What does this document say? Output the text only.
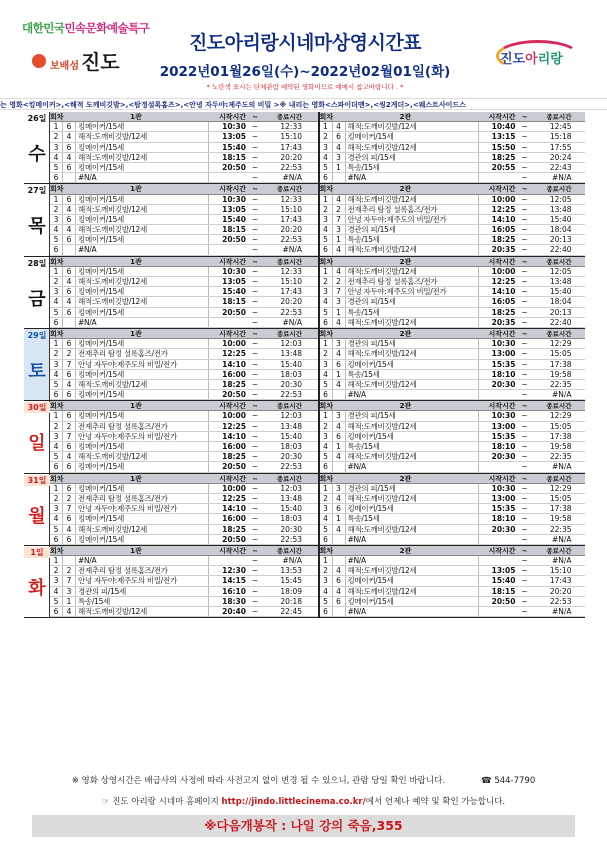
대한민국민속문화예술특구
보배섬 진도
진도아리랑시네마상영시간표
2022년01월26일(수)~2022년02월01일(화)
* 노란색 표시는 단체관람 예약된 영화이므로 예매시 참고바랍니다 . *
진도아리랑
는 영화<킹메이커>,<해적 도깨비깃발>,<탐정설록홈즈>,<안녕 자두야:제주도의 비밀 >※ 내리는 영화<스파이더맨>,<씽2게더>,<웨스트사이드스
26일
수
회차	1관	시작시간 ~	종료시간
1	6 킹메이커/15세	10:30 ~	12:33
2	4 해적:도깨비깃발/12세	13:05 ~	15:10
3	6 킹메이커/15세	15:40 ~	17:43
4	4 해적:도깨비깃발/12세	18:15 ~	20:20
5	6 킹메이커/15세	20:50 ~	22:53
6	#N/A	~	#N/A
회차	2관	시작시간 ~	종료시간
1	4 해적:도깨비깃발/12세	10:40 ~	12:45
2	6 킹메이커/15세	13:15 ~	15:18
3	4 해적:도깨비깃발/12세	15:50 ~	17:55
4	3 경관의 피/15세	18:25 ~	20:24
5	1 특송/15세	20:55 ~	22:43
6	#N/A	~	#N/A
27일
목
회차	1관	시작시간 ~	종료시간
1	6 킹메이커/15세	10:30 ~	12:33
2	4 해적:도깨비깃발/12세	13:05 ~	15:10
3	6 킹메이커/15세	15:40 ~	17:43
4	4 해적:도깨비깃발/12세	18:15 ~	20:20
5	6 킹메이커/15세	20:50 ~	22:53
6	#N/A	~	#N/A
회차	2관	시작시간 ~	종료시간
1	4 해적:도깨비깃발/12세	10:00 ~	12:05
2	2 전재추리 탐정 셜록홈즈/전가	12:25 ~	13:48
3	7 안녕 자두야:제주도의 비밀/전가	14:10 ~	15:40
4	3 경관의 피/15세	16:05 ~	18:04
5	1 특송/15세	18:25 ~	20:13
6	4 해적:도깨비깃발/12세	20:35 ~	22:40
28일
금
회차	1관	시작시간 ~	종료시간
1	6 킹메이커/15세	10:30 ~	12:33
2	4 해적:도깨비깃발/12세	13:05 ~	15:10
3	6 킹메이커/15세	15:40 ~	17:43
4	4 해적:도깨비깃발/12세	18:15 ~	20:20
5	6 킹메이커/15세	20:50 ~	22:53
6	#N/A	~	#N/A
회차	2관	시작시간 ~	종료시간
1	4 해적:도깨비깃발/12세	10:00 ~	12:05
2	2 전재추리 탐정 셜록홈즈/전가	12:25 ~	13:48
3	7 안녕 자두야:제주도의 비밀/전가	14:10 ~	15:40
4	3 경관의 피/15세	16:05 ~	18:04
5	1 특송/15세	18:25 ~	20:13
6	4 해적:도깨비깃발/12세	20:35 ~	22:40
29일
토
회차	1관	시작시간 ~	종료시간
1	6 킹메이커/15세	10:00 ~	12:03
2	2 전재추리 탐정 셜록홈즈/전가	12:25 ~	13:48
3	7 안녕 자두야:제주도의 비밀/전가	14:10 ~	15:40
4	6 킹메이커/15세	16:00 ~	18:03
5	4 해적:도깨비깃발/12세	18:25 ~	20:30
6	6 킹메이커/15세	20:50 ~	22:53
회차	2관	시작시간 ~	종료시간
1	3 경관의 피/15세	10:30 ~	12:29
2	4 해적:도깨비깃발/12세	13:00 ~	15:05
3	6 킹메이커/15세	15:35 ~	17:38
4	1 특송/15세	18:10 ~	19:58
5	4 해적:도깨비깃발/12세	20:30 ~	22:35
6	#N/A	~	#N/A
30일
일
회차	1관	시작시간 ~	종료시간
1	6 킹메이커/15세	10:00 ~	12:03
2	2 전재추리 탐정 셜록홈즈/전가	12:25 ~	13:48
3	7 안녕 자두야:제주도의 비밀/전가	14:10 ~	15:40
4	6 킹메이커/15세	16:00 ~	18:03
5	4 해적:도깨비깃발/12세	18:25 ~	20:30
6	6 킹메이커/15세	20:50 ~	22:53
회차	2관	시작시간 ~	종료시간
1	3 경관의 피/15세	10:30 ~	12:29
2	4 해적:도깨비깃발/12세	13:00 ~	15:05
3	6 킹메이커/15세	15:35 ~	17:38
4	1 특송/15세	18:10 ~	19:58
5	4 해적:도깨비깃발/12세	20:30 ~	22:35
6	#N/A	~	#N/A
31일
월
회차	1관	시작시간 ~	종료시간
1	6 킹메이커/15세	10:00 ~	12:03
2	2 전재추리 탐정 셜록홈즈/전가	12:25 ~	13:48
3	7 안녕 자두야:제주도의 비밀/전가	14:10 ~	15:40
4	6 킹메이커/15세	16:00 ~	18:03
5	4 해적:도깨비깃발/12세	18:25 ~	20:30
6	6 킹메이커/15세	20:50 ~	22:53
회차	2관	시작시간 ~	종료시간
1	3 경관의 피/15세	10:30 ~	12:29
2	4 해적:도깨비깃발/12세	13:00 ~	15:05
3	6 킹메이커/15세	15:35 ~	17:38
4	1 특송/15세	18:10 ~	19:58
5	4 해적:도깨비깃발/12세	20:30 ~	22:35
6	#N/A	~	#N/A
1일
화
회차	1관	시작시간 ~	종료시간
1	#N/A	~	#N/A
2	2 전재추리 탐정 셜록홈즈/전가	12:30 ~	13:53
3	7 안녕 자두야:제주도의 비밀/전가	14:15 ~	15:45
4	3 경관의 피/15세	16:10 ~	18:09
5	1 특송/15세	18:30 ~	20:18
6	4 해적:도깨비깃발/12세	20:40 ~	22:45
회차	2관	시작시간 ~	종료시간
1	#N/A	~	#N/A
2	4 해적:도깨비깃발/12세	13:05 ~	15:10
3	6 킹메이커/15세	15:40 ~	17:43
4	4 해적:도깨비깃발/12세	18:15 ~	20:20
5	6 킹메이커/15세	20:50 ~	22:53
6	#N/A	~	#N/A
※ 영화 상영시간은 배급사의 사정에 따라 사전고지 없이 변경 될 수 있으니, 관람 당일 확인 바랍니다.	☎ 544-7790
☞ 진도 아리랑 시네마 홈페이지 http://jindo.littlecinema.co.kr/에서 언제나 예약 및 확인 가능합니다.
※다음개봉작 : 나일 강의 죽음,355
